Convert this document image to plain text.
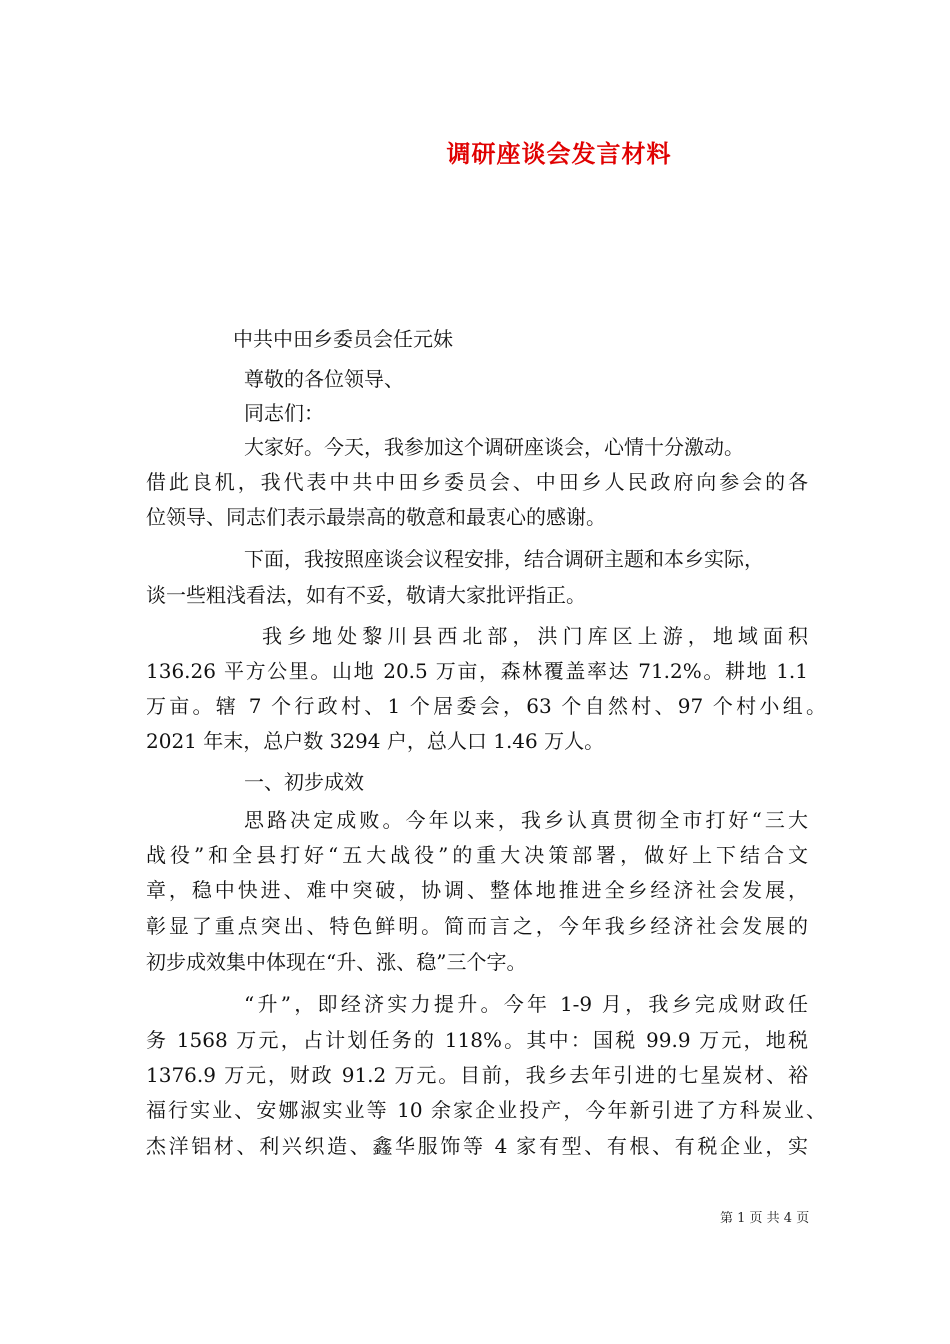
调研座谈会发言材料
中共中田乡委员会任元妹
尊敬的各位领导、
同志们：
大家好。今天，我参加这个调研座谈会，心情十分激动。
借此良机，我代表中共中田乡委员会、中田乡人民政府向参会的各
位领导、同志们表示最崇高的敬意和最衷心的感谢。
下面，我按照座谈会议程安排，结合调研主题和本乡实际，
谈一些粗浅看法，如有不妥，敬请大家批评指正。
我乡地处黎川县西北部，洪门库区上游，地域面积
136.26 平方公里。山地 20.5 万亩，森林覆盖率达 71.2%。耕地 1.1
万亩。辖 7 个行政村、1 个居委会，63 个自然村、97 个村小组。
2021 年末，总户数 3294 户，总人口 1.46 万人。
一、初步成效
思路决定成败。今年以来，我乡认真贯彻全市打好“三大
战役”和全县打好“五大战役”的重大决策部署，做好上下结合文
章，稳中快进、难中突破，协调、整体地推进全乡经济社会发展，
彰显了重点突出、特色鲜明。简而言之，今年我乡经济社会发展的
初步成效集中体现在“升、涨、稳”三个字。
“升”，即经济实力提升。今年 1-9 月，我乡完成财政任
务 1568 万元，占计划任务的 118%。其中：国税 99.9 万元，地税
1376.9 万元，财政 91.2 万元。目前，我乡去年引进的七星炭材、裕
福行实业、安娜淑实业等 10 余家企业投产，今年新引进了方科炭业、
杰洋铝材、利兴织造、鑫华服饰等 4 家有型、有根、有税企业，实
第 1 页 共 4 页
